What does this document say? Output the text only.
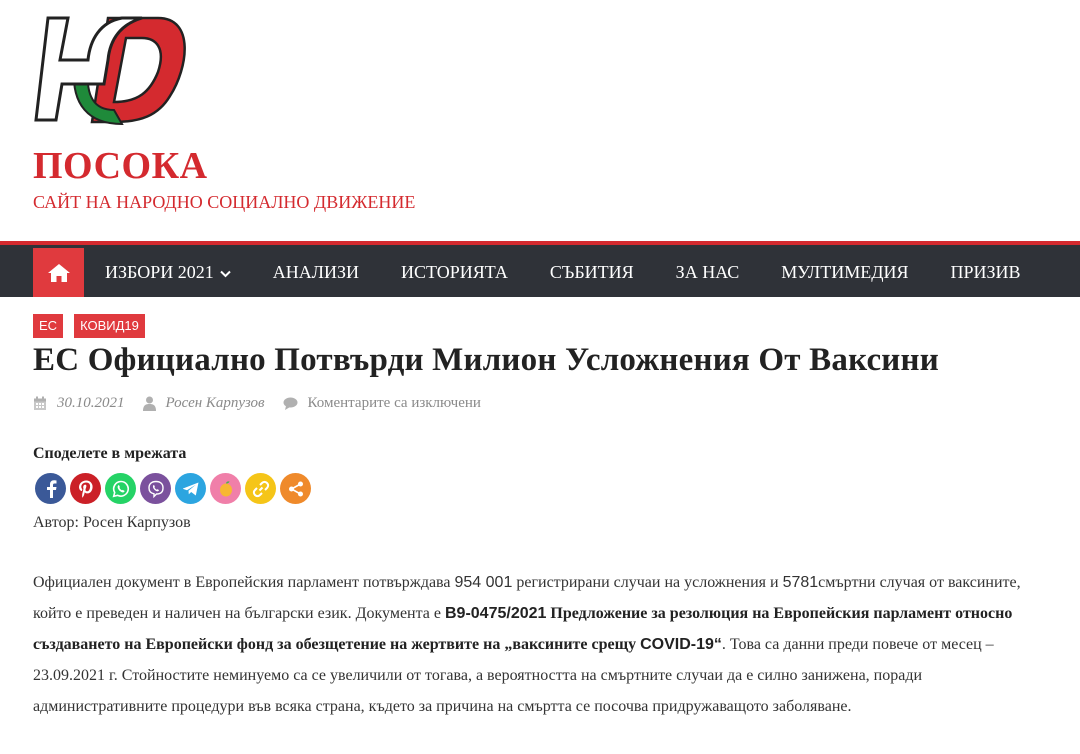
ПОСОКА
САЙТ НА НАРОДНО СОЦИАЛНО ДВИЖЕНИЕ
ИЗБОРИ 2021	АНАЛИЗИ	ИСТОРИЯТА	СЪБИТИЯ	ЗА НАС	МУЛТИМЕДИЯ	ПРИЗИВ
ЕС	КОВИД19
ЕС Официално Потвърди Милион Усложнения От Ваксини
30.10.2021	Росен Карпузов	Коментарите са изключени
Споделете в мрежата
Автор: Росен Карпузов

Официален документ в Европейския парламент потвърждава 954 001 регистрирани случаи на усложнения и 5781смъртни случая от ваксините, който е преведен и наличен на български език. Документа е B9-0475/2021 Предложение за резолюция на Европейския парламент относно създаването на Европейски фонд за обезщетение на жертвите на „ваксините срещу COVID-19“. Това са данни преди повече от месец – 23.09.2021 г. Стойностите неминуемо са се увеличили от тогава, а вероятността на смъртните случаи да е силно занижена, поради административните процедури във всяка страна, където за причина на смъртта се посочва придружаващото заболяване.
